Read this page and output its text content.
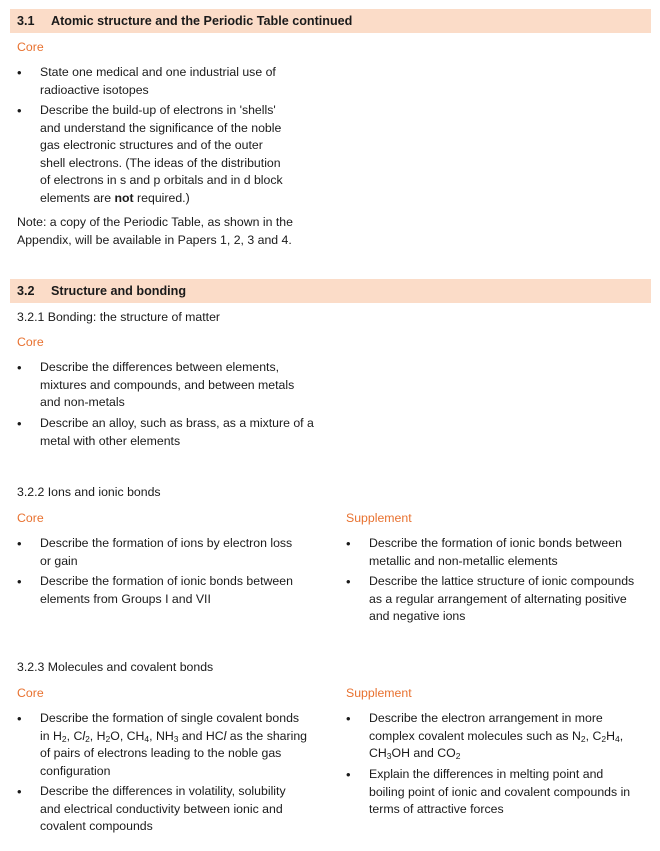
3.1 Atomic structure and the Periodic Table continued
Core
• State one medical and one industrial use of
radioactive isotopes
• Describe the build-up of electrons in 'shells'
and understand the significance of the noble
gas electronic structures and of the outer
shell electrons. (The ideas of the distribution
of electrons in s and p orbitals and in d block
elements are not required.)
Note: a copy of the Periodic Table, as shown in the
Appendix, will be available in Papers 1, 2, 3 and 4.
3.2 Structure and bonding
3.2.1 Bonding: the structure of matter
Core
• Describe the differences between elements,
mixtures and compounds, and between metals
and non-metals
• Describe an alloy, such as brass, as a mixture of a
metal with other elements
3.2.2 Ions and ionic bonds
Core	Supplement
• Describe the formation of ions by electron loss
or gain
• Describe the formation of ionic bonds between
elements from Groups I and VII
• Describe the formation of ionic bonds between
metallic and non-metallic elements
• Describe the lattice structure of ionic compounds
as a regular arrangement of alternating positive
and negative ions
3.2.3 Molecules and covalent bonds
Core	Supplement
• Describe the formation of single covalent bonds
in $H_2$, $Cl_2$, $H_2O$, $CH_4$, $NH_3$ and HCl as the sharing
of pairs of electrons leading to the noble gas
configuration
• Describe the differences in volatility, solubility
and electrical conductivity between ionic and
covalent compounds
• Describe the electron arrangement in more
complex covalent molecules such as $N_2$, $C_2H_4$,
$CH_3OH$ and $CO_2$
• Explain the differences in melting point and
boiling point of ionic and covalent compounds in
terms of attractive forces
